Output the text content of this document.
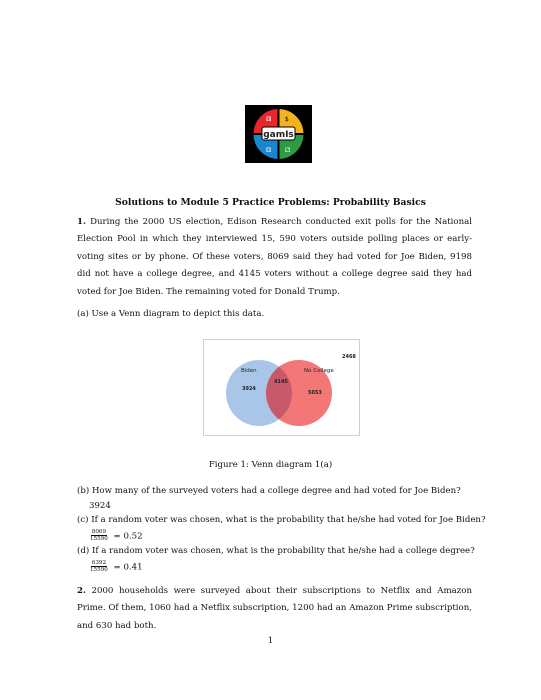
gamIs
⚅ $
⚃ ⚁
Solutions to Module 5 Practice Problems: Probability Basics
1. During the 2000 US election, Edison Research conducted exit polls for the National Election Pool in which they interviewed 15, 590 voters outside polling places or early-voting sites or by phone. Of these voters, 8069 said they had voted for Joe Biden, 9198 did not have a college degree, and 4145 voters without a college degree said they had voted for Joe Biden. The remaining voted for Donald Trump.
(a) Use a Venn diagram to depict this data.
Biden	No College
3924
4145
5053
2468
Figure 1: Venn diagram 1(a)
(b) How many of the surveyed voters had a college degree and had voted for Joe Biden?
3924
(c) If a random voter was chosen, what is the probability that he/she had voted for Joe Biden?
$\frac{8069}{15590} = 0.52$
(d) If a random voter was chosen, what is the probability that he/she had a college degree?
$\frac{6392}{15590} = 0.41$
2. 2000 households were surveyed about their subscriptions to Netflix and Amazon Prime. Of them, 1060 had a Netflix subscription, 1200 had an Amazon Prime subscription, and 630 had both.
1
